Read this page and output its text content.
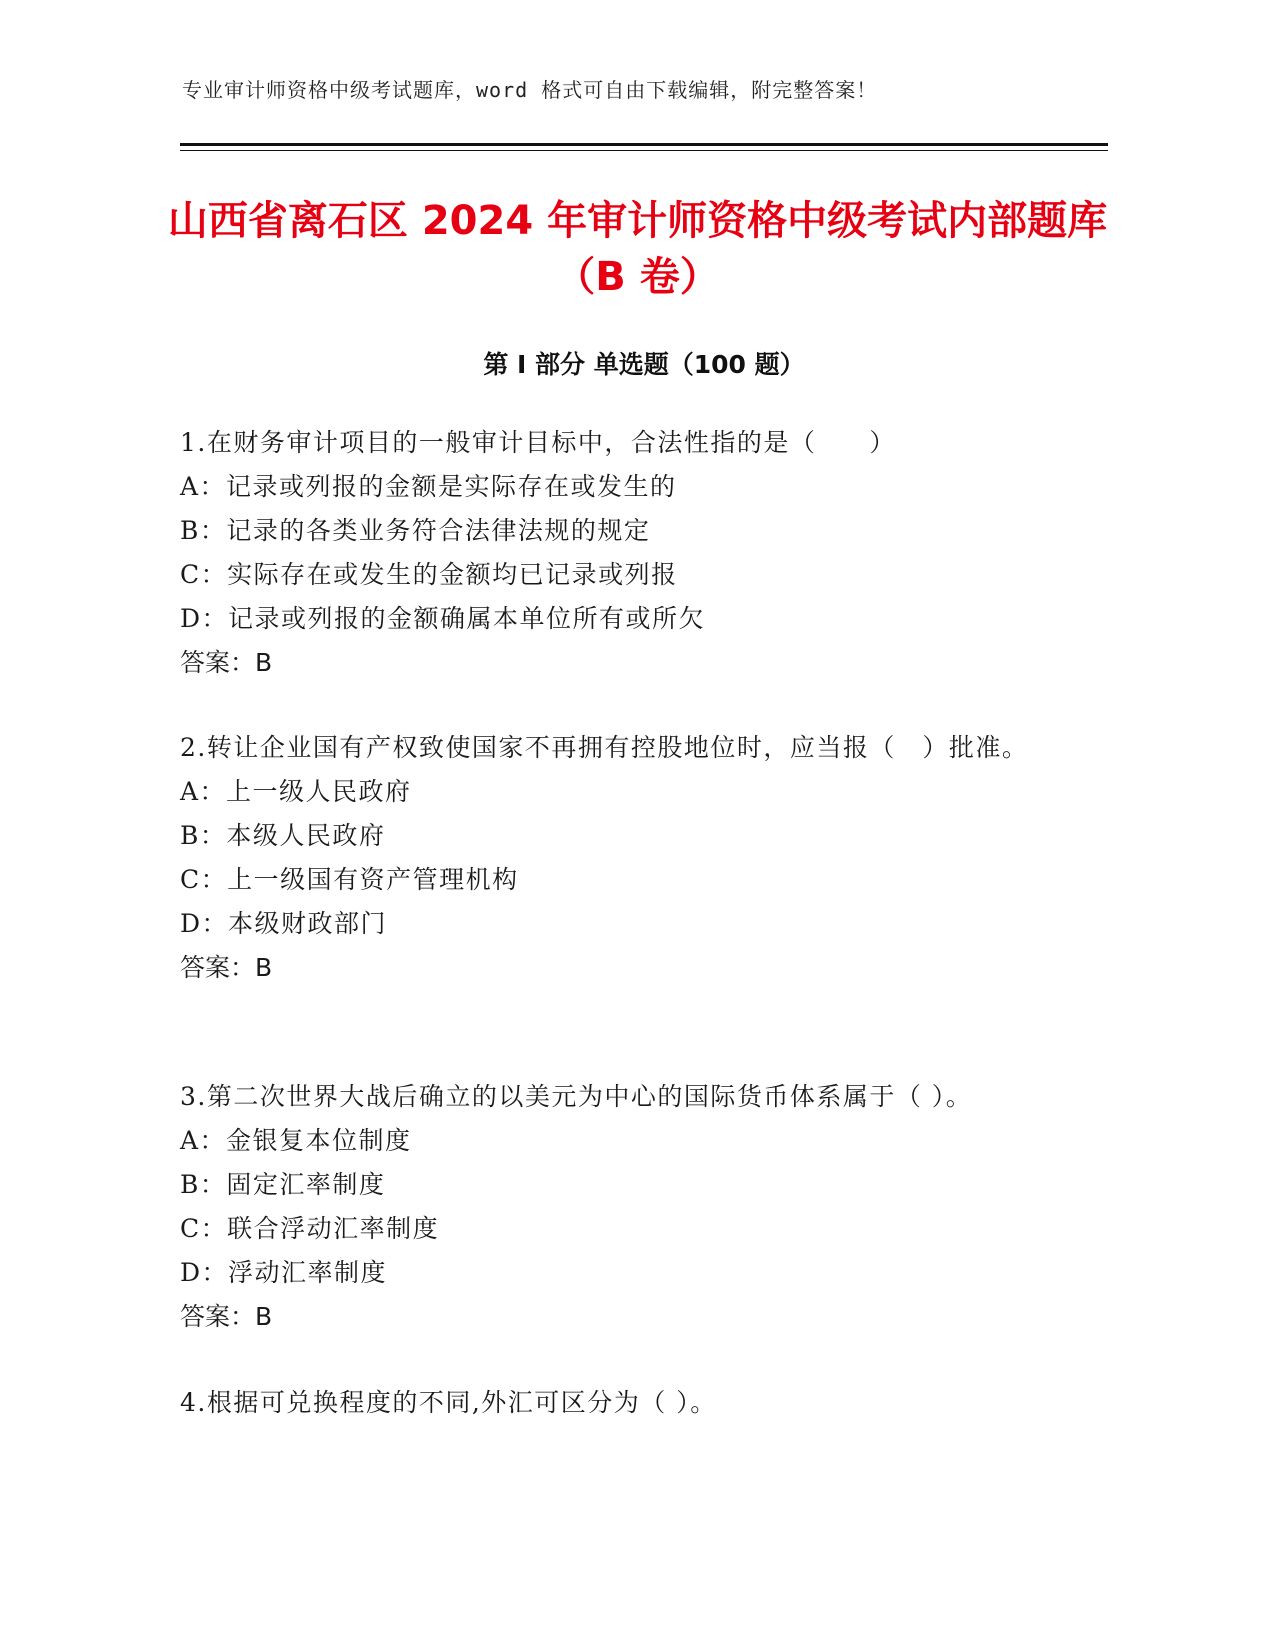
专业审计师资格中级考试题库，word 格式可自由下载编辑，附完整答案！
山西省离石区 2024 年审计师资格中级考试内部题库（B 卷）
第 I 部分 单选题（100 题）

1.在财务审计项目的一般审计目标中，合法性指的是（　　）

A：记录或列报的金额是实际存在或发生的

B：记录的各类业务符合法律法规的规定

C：实际存在或发生的金额均已记录或列报

D：记录或列报的金额确属本单位所有或所欠

答案：B

2.转让企业国有产权致使国家不再拥有控股地位时，应当报（　）批准。

A：上一级人民政府

B：本级人民政府

C：上一级国有资产管理机构

D：本级财政部门

答案：B

3.第二次世界大战后确立的以美元为中心的国际货币体系属于（ ）。

A：金银复本位制度

B：固定汇率制度

C：联合浮动汇率制度

D：浮动汇率制度

答案：B

4.根据可兑换程度的不同,外汇可区分为（ ）。
